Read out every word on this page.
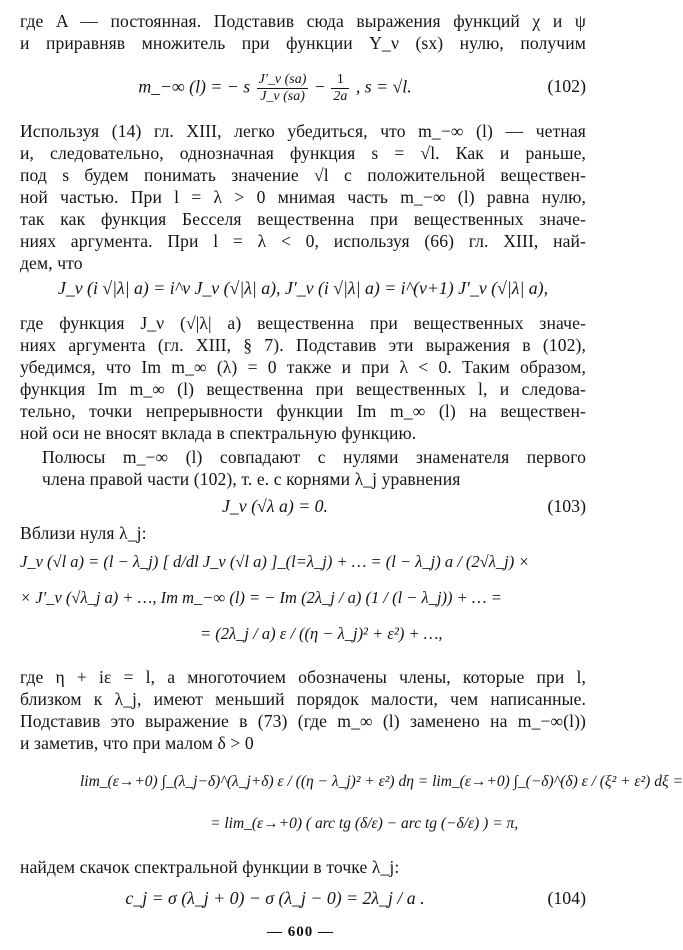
где A — постоянная. Подставив сюда выражения функций χ и ψ
и приравняв множитель при функции Y_ν (sx) нулю, получим
m_−∞ (l) = − s $\frac{J'\_\nu (sa)}{J\_\nu (sa)} - \frac{1}{2a}$ , s = √l.	(102)
Используя (14) гл. XIII, легко убедиться, что m_−∞ (l) — четная
и, следовательно, однозначная функция s = √l. Как и раньше,
под s будем понимать значение √l с положительной веществен-
ной частью. При l = λ > 0 мнимая часть m_−∞ (l) равна нулю,
так как функция Бесселя вещественна при вещественных значе-
ниях аргумента. При l = λ < 0, используя (66) гл. XIII, най-
дем, что
J_ν (i √|λ| a) = i^ν J_ν (√|λ| a), J′_ν (i √|λ| a) = i^(ν+1) J′_ν (√|λ| a),
где функция J_ν (√|λ| a) вещественна при вещественных значе-
ниях аргумента (гл. XIII, § 7). Подставив эти выражения в (102),
убедимся, что Im m_∞ (λ) = 0 также и при λ < 0. Таким образом,
функция Im m_∞ (l) вещественна при вещественных l, и следова-
тельно, точки непрерывности функции Im m_∞ (l) на веществен-
ной оси не вносят вклада в спектральную функцию.
Полюсы m_−∞ (l) совпадают с нулями знаменателя первого
члена правой части (102), т. е. с корнями λ_j уравнения
J_ν (√λ a) = 0.	(103)
Вблизи нуля λ_j:
J_ν (√l a) = (l − λ_j) [ d/dl J_ν (√l a) ]_(l=λ_j) + … = (l − λ_j) a / (2√λ_j) ×
× J′_ν (√λ_j a) + …, Im m_−∞ (l) = − Im (2λ_j / a) (1 / (l − λ_j)) + … =
= (2λ_j / a) ε / ((η − λ_j)² + ε²) + …,
где η + iε = l, а многоточием обозначены члены, которые при l,
близком к λ_j, имеют меньший порядок малости, чем написанные.
Подставив это выражение в (73) (где m_∞ (l) заменено на m_−∞(l))
и заметив, что при малом δ > 0
lim_(ε→+0) ∫_(λ_j−δ)^(λ_j+δ) ε / ((η − λ_j)² + ε²) dη = lim_(ε→+0) ∫_(−δ)^(δ) ε / (ξ² + ε²) dξ =
= lim_(ε→+0) ( arc tg (δ/ε) − arc tg (−δ/ε) ) = π,
найдем скачок спектральной функции в точке λ_j:
c_j = σ (λ_j + 0) − σ (λ_j − 0) = 2λ_j / a .	(104)
— 600 —
